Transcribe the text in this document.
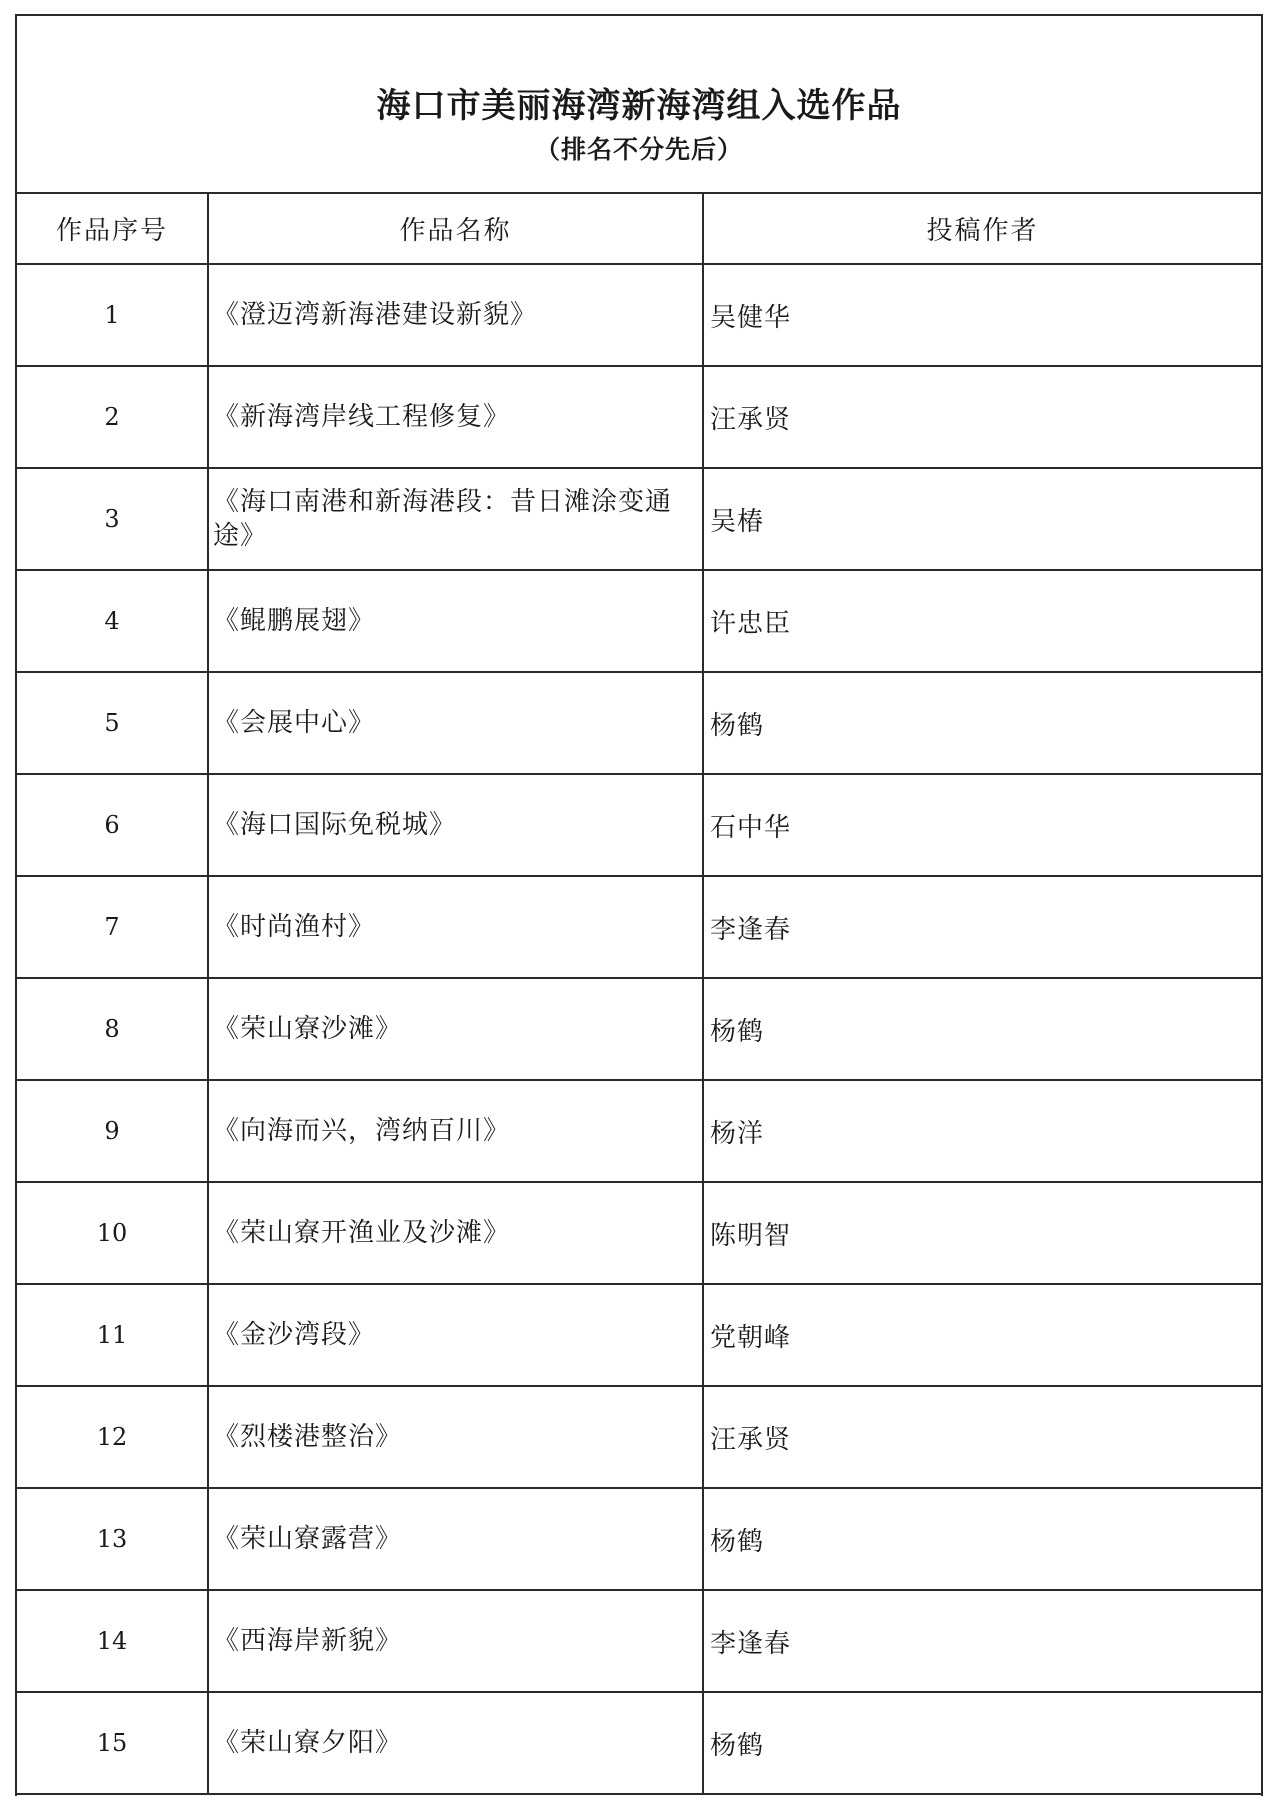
海口市美丽海湾新海湾组入选作品
（排名不分先后）
作品序号	作品名称	投稿作者
1	《澄迈湾新海港建设新貌》	吴健华
2	《新海湾岸线工程修复》	汪承贤
3	《海口南港和新海港段：昔日滩涂变通途》	吴椿
4	《鲲鹏展翅》	许忠臣
5	《会展中心》	杨鹤
6	《海口国际免税城》	石中华
7	《时尚渔村》	李逢春
8	《荣山寮沙滩》	杨鹤
9	《向海而兴，湾纳百川》	杨洋
10	《荣山寮开渔业及沙滩》	陈明智
11	《金沙湾段》	党朝峰
12	《烈楼港整治》	汪承贤
13	《荣山寮露营》	杨鹤
14	《西海岸新貌》	李逢春
15	《荣山寮夕阳》	杨鹤
